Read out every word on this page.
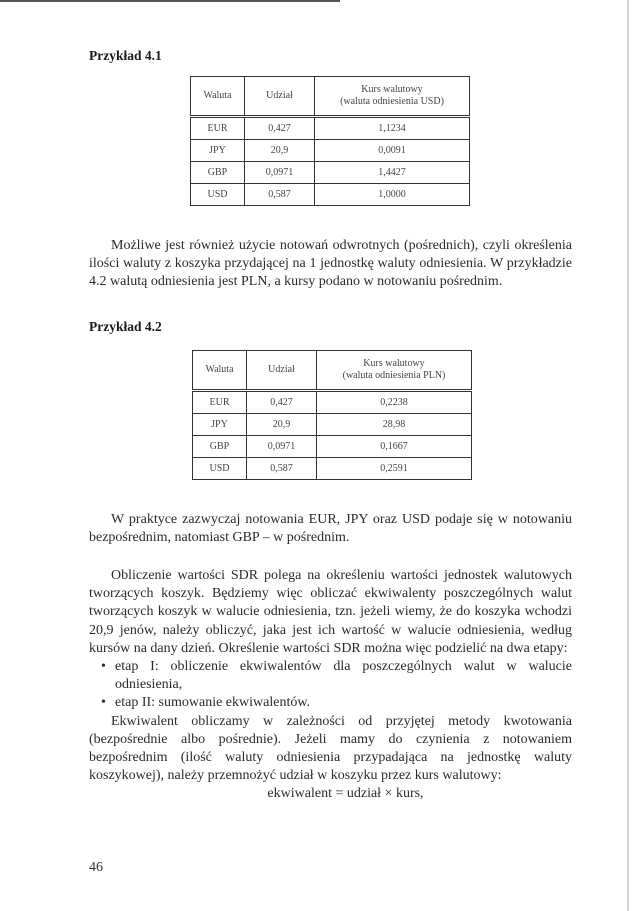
Przykład 4.1
Waluta	Udział	Kurs walutowy
(waluta odniesienia USD)
EUR	0,427	1,1234
JPY	20,9	0,0091
GBP	0,0971	1,4427
USD	0,587	1,0000

Możliwe jest również użycie notowań odwrotnych (pośrednich), czyli określenia ilości waluty z koszyka przydającej na 1 jednostkę waluty odniesienia. W przykładzie 4.2 walutą odniesienia jest PLN, a kursy podano w notowaniu pośrednim.

Przykład 4.2
Waluta	Udział	Kurs walutowy
(waluta odniesienia PLN)
EUR	0,427	0,2238
JPY	20,9	28,98
GBP	0,0971	0,1667
USD	0,587	0,2591

W praktyce zazwyczaj notowania EUR, JPY oraz USD podaje się w notowaniu bezpośrednim, natomiast GBP – w pośrednim.

Obliczenie wartości SDR polega na określeniu wartości jednostek walutowych tworzących koszyk. Będziemy więc obliczać ekwiwalenty poszczególnych walut tworzących koszyk w walucie odniesienia, tzn. jeżeli wiemy, że do koszyka wchodzi 20,9 jenów, należy obliczyć, jaka jest ich wartość w walucie odniesienia, według kursów na dany dzień. Określenie wartości SDR można więc podzielić na dwa etapy:

• etap I: obliczenie ekwiwalentów dla poszczególnych walut w walucie odniesienia,
• etap II: sumowanie ekwiwalentów.

Ekwiwalent obliczamy w zależności od przyjętej metody kwotowania (bezpośrednie albo pośrednie). Jeżeli mamy do czynienia z notowaniem bezpośrednim (ilość waluty odniesienia przypadająca na jednostkę waluty koszykowej), należy przemnożyć udział w koszyku przez kurs walutowy:

ekwiwalent = udział × kurs,

46
